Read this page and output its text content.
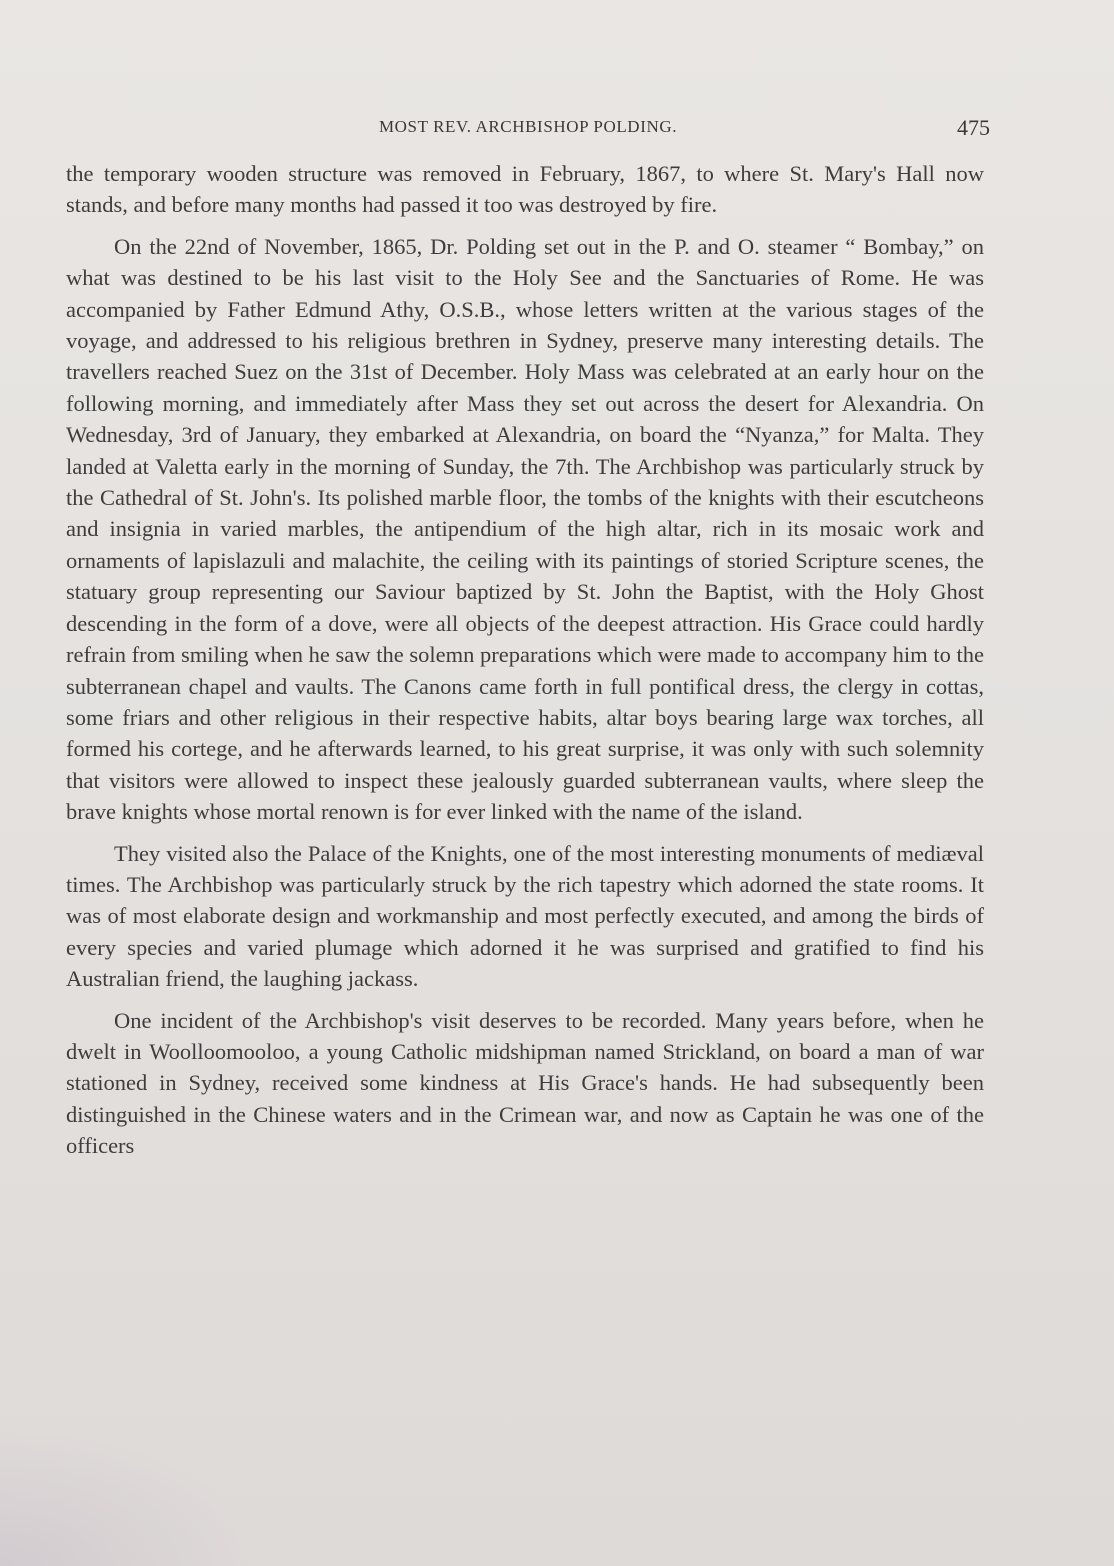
MOST REV. ARCHBISHOP POLDING.	475

the temporary wooden structure was removed in February, 1867, to where St. Mary's Hall now stands, and before many months had passed it too was destroyed by fire.

On the 22nd of November, 1865, Dr. Polding set out in the P. and O. steamer “ Bombay,” on what was destined to be his last visit to the Holy See and the Sanctuaries of Rome. He was accompanied by Father Edmund Athy, O.S.B., whose letters written at the various stages of the voyage, and addressed to his religious brethren in Sydney, preserve many interesting details. The travellers reached Suez on the 31st of December. Holy Mass was celebrated at an early hour on the following morning, and immediately after Mass they set out across the desert for Alexandria. On Wednesday, 3rd of January, they embarked at Alexandria, on board the “Nyanza,” for Malta. They landed at Valetta early in the morning of Sunday, the 7th. The Archbishop was particularly struck by the Cathedral of St. John's. Its polished marble floor, the tombs of the knights with their escutcheons and insignia in varied marbles, the antipendium of the high altar, rich in its mosaic work and ornaments of lapislazuli and malachite, the ceiling with its paintings of storied Scripture scenes, the statuary group representing our Saviour baptized by St. John the Baptist, with the Holy Ghost descending in the form of a dove, were all objects of the deepest attraction. His Grace could hardly refrain from smiling when he saw the solemn preparations which were made to accompany him to the subterranean chapel and vaults. The Canons came forth in full pontifical dress, the clergy in cottas, some friars and other religious in their respective habits, altar boys bearing large wax torches, all formed his cortege, and he afterwards learned, to his great surprise, it was only with such solemnity that visitors were allowed to inspect these jealously guarded subterranean vaults, where sleep the brave knights whose mortal renown is for ever linked with the name of the island.

They visited also the Palace of the Knights, one of the most interesting monuments of mediæval times. The Archbishop was particularly struck by the rich tapestry which adorned the state rooms. It was of most elaborate design and workmanship and most perfectly executed, and among the birds of every species and varied plumage which adorned it he was surprised and gratified to find his Australian friend, the laughing jackass.

One incident of the Archbishop's visit deserves to be recorded. Many years before, when he dwelt in Woolloomooloo, a young Catholic midshipman named Strickland, on board a man of war stationed in Sydney, received some kindness at His Grace's hands. He had subsequently been distinguished in the Chinese waters and in the Crimean war, and now as Captain he was one of the officers
